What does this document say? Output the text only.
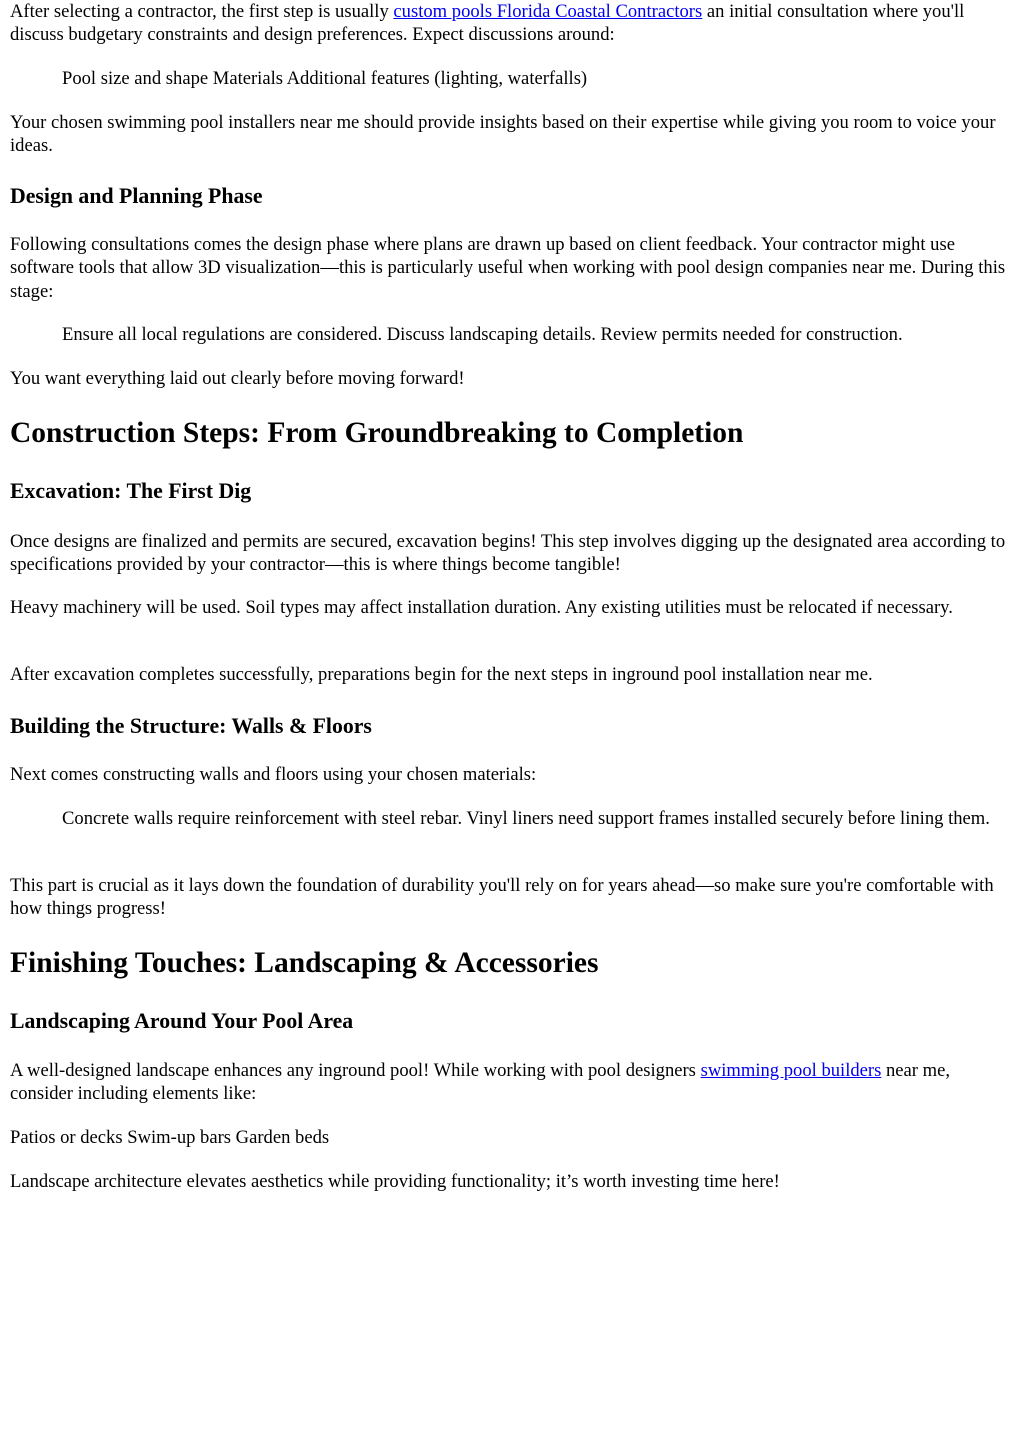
After selecting a contractor, the first step is usually custom pools Florida Coastal Contractors an initial consultation where you'll discuss budgetary constraints and design preferences. Expect discussions around:

Pool size and shape Materials Additional features (lighting, waterfalls)

Your chosen swimming pool installers near me should provide insights based on their expertise while giving you room to voice your ideas.

Design and Planning Phase

Following consultations comes the design phase where plans are drawn up based on client feedback. Your contractor might use software tools that allow 3D visualization—this is particularly useful when working with pool design companies near me. During this stage:

Ensure all local regulations are considered. Discuss landscaping details. Review permits needed for construction.

You want everything laid out clearly before moving forward!

Construction Steps: From Groundbreaking to Completion
Excavation: The First Dig

Once designs are finalized and permits are secured, excavation begins! This step involves digging up the designated area according to specifications provided by your contractor—this is where things become tangible!

Heavy machinery will be used. Soil types may affect installation duration. Any existing utilities must be relocated if necessary.

After excavation completes successfully, preparations begin for the next steps in inground pool installation near me.

Building the Structure: Walls & Floors

Next comes constructing walls and floors using your chosen materials:

Concrete walls require reinforcement with steel rebar. Vinyl liners need support frames installed securely before lining them.

This part is crucial as it lays down the foundation of durability you'll rely on for years ahead—so make sure you're comfortable with how things progress!

Finishing Touches: Landscaping & Accessories
Landscaping Around Your Pool Area

A well-designed landscape enhances any inground pool! While working with pool designers swimming pool builders near me, consider including elements like:

Patios or decks Swim-up bars Garden beds

Landscape architecture elevates aesthetics while providing functionality; it’s worth investing time here!
